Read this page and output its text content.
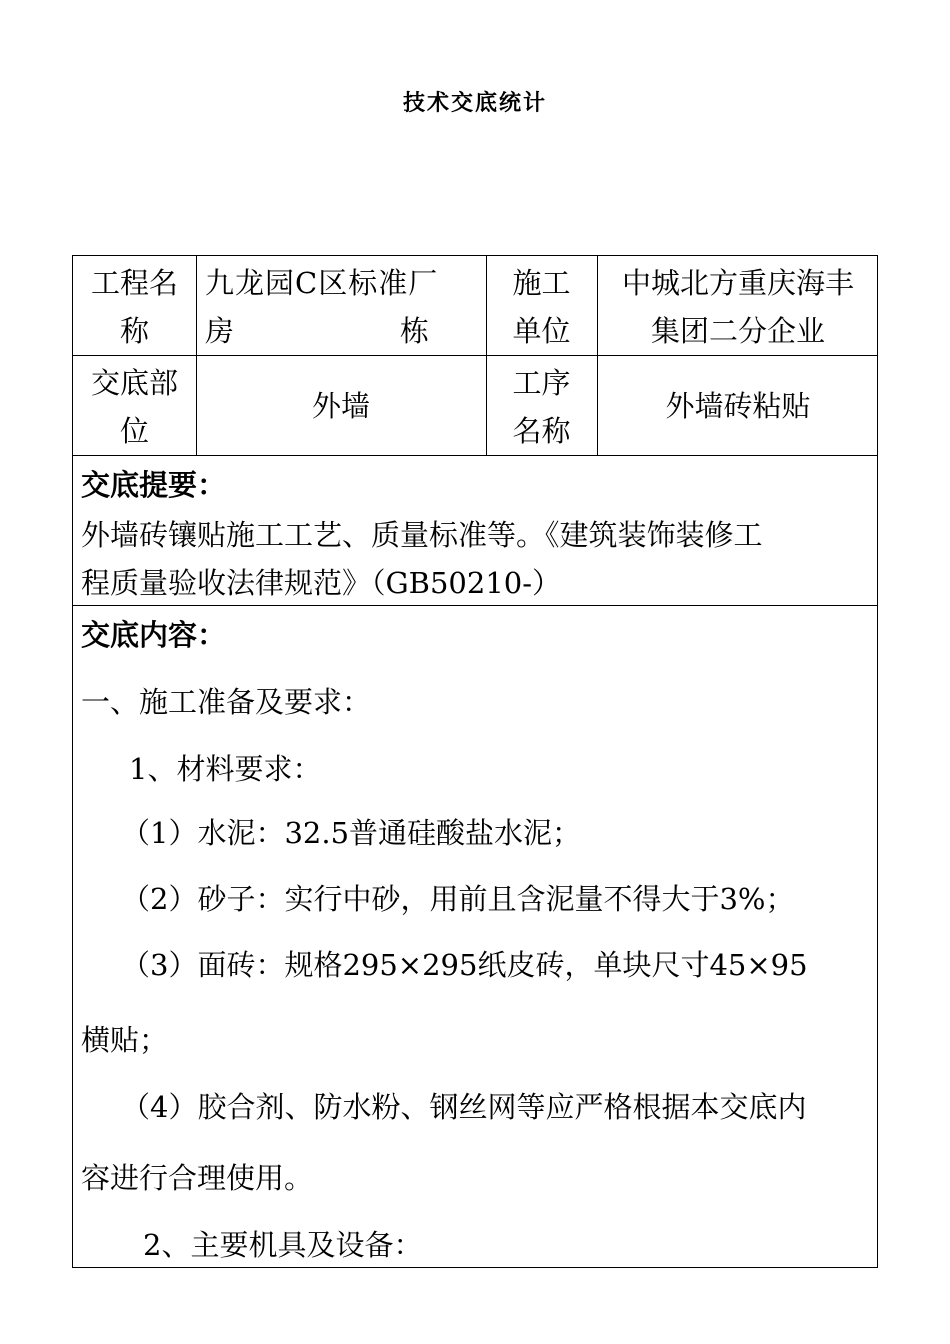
技术交底统计
工程名
称
九龙园C区标准厂
房	栋
施工
单位
中城北方重庆海丰
集团二分企业
交底部
位
外墙
工序
名称
外墙砖粘贴
交底提要：
外墙砖镶贴施工工艺、质量标准等。《建筑装饰装修工
程质量验收法律规范》（GB50210-）
交底内容：
一、施工准备及要求：
1、材料要求：
（1）水泥：32.5普通硅酸盐水泥；
（2）砂子：实行中砂，用前且含泥量不得大于3%；
（3）面砖：规格295×295纸皮砖，单块尺寸45×95
横贴；
（4）胶合剂、防水粉、钢丝网等应严格根据本交底内
容进行合理使用。
2、主要机具及设备：
